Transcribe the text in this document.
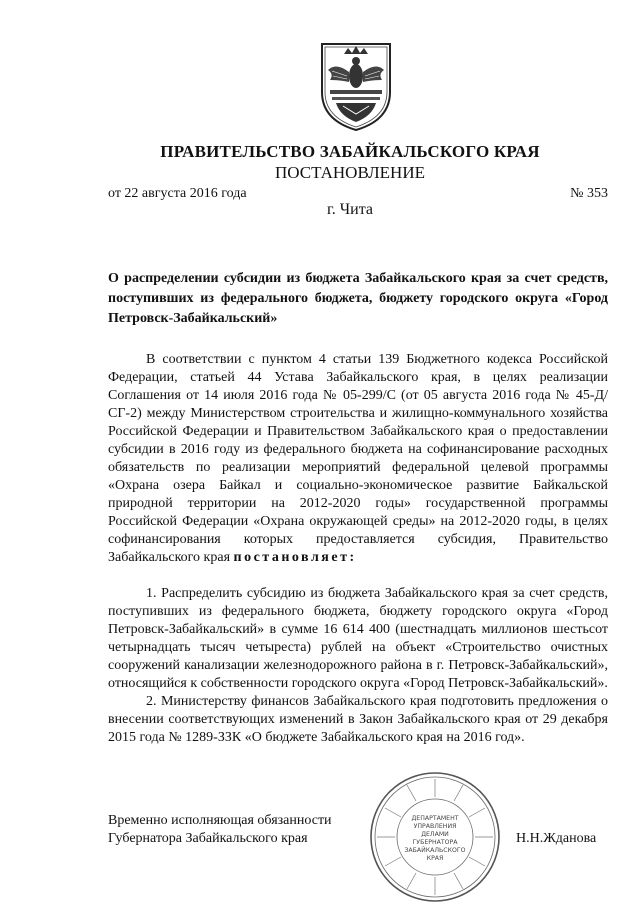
ПРАВИТЕЛЬСТВО ЗАБАЙКАЛЬСКОГО КРАЯ
ПОСТАНОВЛЕНИЕ
от 22 августа 2016 года	№ 353
г. Чита
О распределении субсидии из бюджета Забайкальского края за счет средств, поступивших из федерального бюджета, бюджету городского округа «Город Петровск-Забайкальский»

В соответствии с пунктом 4 статьи 139 Бюджетного кодекса Российской Федерации, статьей 44 Устава Забайкальского края, в целях реализации Соглашения от 14 июля 2016 года № 05-299/С (от 05 августа 2016 года № 45-Д/СГ-2) между Министерством строительства и жилищно-коммунального хозяйства Российской Федерации и Правительством Забайкальского края о предоставлении субсидии в 2016 году из федерального бюджета на софинансирование расходных обязательств по реализации мероприятий федеральной целевой программы «Охрана озера Байкал и социально-экономическое развитие Байкальской природной территории на 2012-2020 годы» государственной программы Российской Федерации «Охрана окружающей среды» на 2012-2020 годы, в целях софинансирования которых предоставляется субсидия, Правительство Забайкальского края постановляет:

1. Распределить субсидию из бюджета Забайкальского края за счет средств, поступивших из федерального бюджета, бюджету городского округа «Город Петровск-Забайкальский» в сумме 16 614 400 (шестнадцать миллионов шестьсот четырнадцать тысяч четыреста) рублей на объект «Строительство очистных сооружений канализации железнодорожного района в г. Петровск-Забайкальский», относящийся к собственности городского округа «Город Петровск-Забайкальский».

2. Министерству финансов Забайкальского края подготовить предложения о внесении соответствующих изменений в Закон Забайкальского края от 29 декабря 2015 года № 1289-ЗЗК «О бюджете Забайкальского края на 2016 год».

Временно исполняющая обязанности
Губернатора Забайкальского края	Н.Н.Жданова
ДЕПАРТАМЕНТ
УПРАВЛЕНИЯ
ДЕЛАМИ
ГУБЕРНАТОРА
ЗАБАЙКАЛЬСКОГО
КРАЯ
